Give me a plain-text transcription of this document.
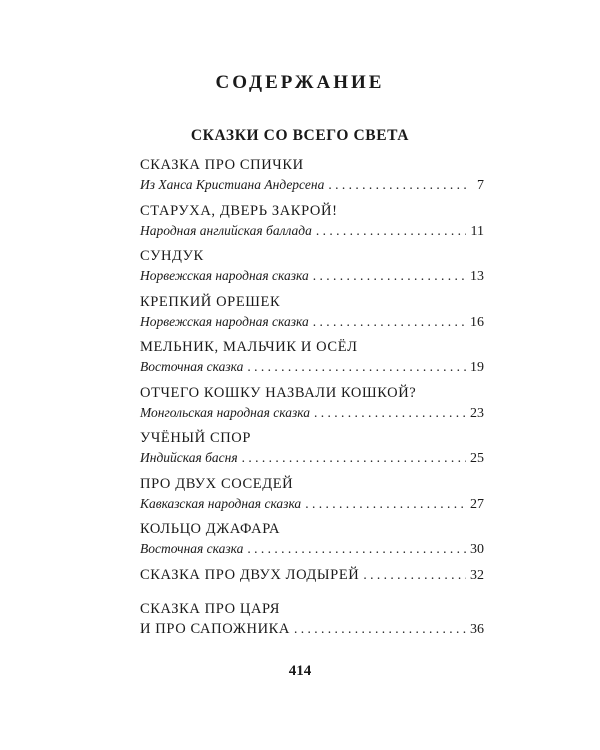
СОДЕРЖАНИЕ
СКАЗКИ СО ВСЕГО СВЕТА
СКАЗКА ПРО СПИЧКИ
Из Ханса Кристиана Андерсена . . .	7
СТАРУХА, ДВЕРЬ ЗАКРОЙ!
Народная английская баллада . . .	11
СУНДУК
Норвежская народная сказка . . .	13
КРЕПКИЙ ОРЕШЕК
Норвежская народная сказка . . .	16
МЕЛЬНИК, МАЛЬЧИК И ОСЁЛ
Восточная сказка . . .	19
ОТЧЕГО КОШКУ НАЗВАЛИ КОШКОЙ?
Монгольская народная сказка . . .	23
УЧЁНЫЙ СПОР
Индийская басня . . .	25
ПРО ДВУХ СОСЕДЕЙ
Кавказская народная сказка . . .	27
КОЛЬЦО ДЖАФАРА
Восточная сказка . . .	30
СКАЗКА ПРО ДВУХ ЛОДЫРЕЙ . . .	32
СКАЗКА ПРО ЦАРЯ
И ПРО САПОЖНИКА . . .	36
414
